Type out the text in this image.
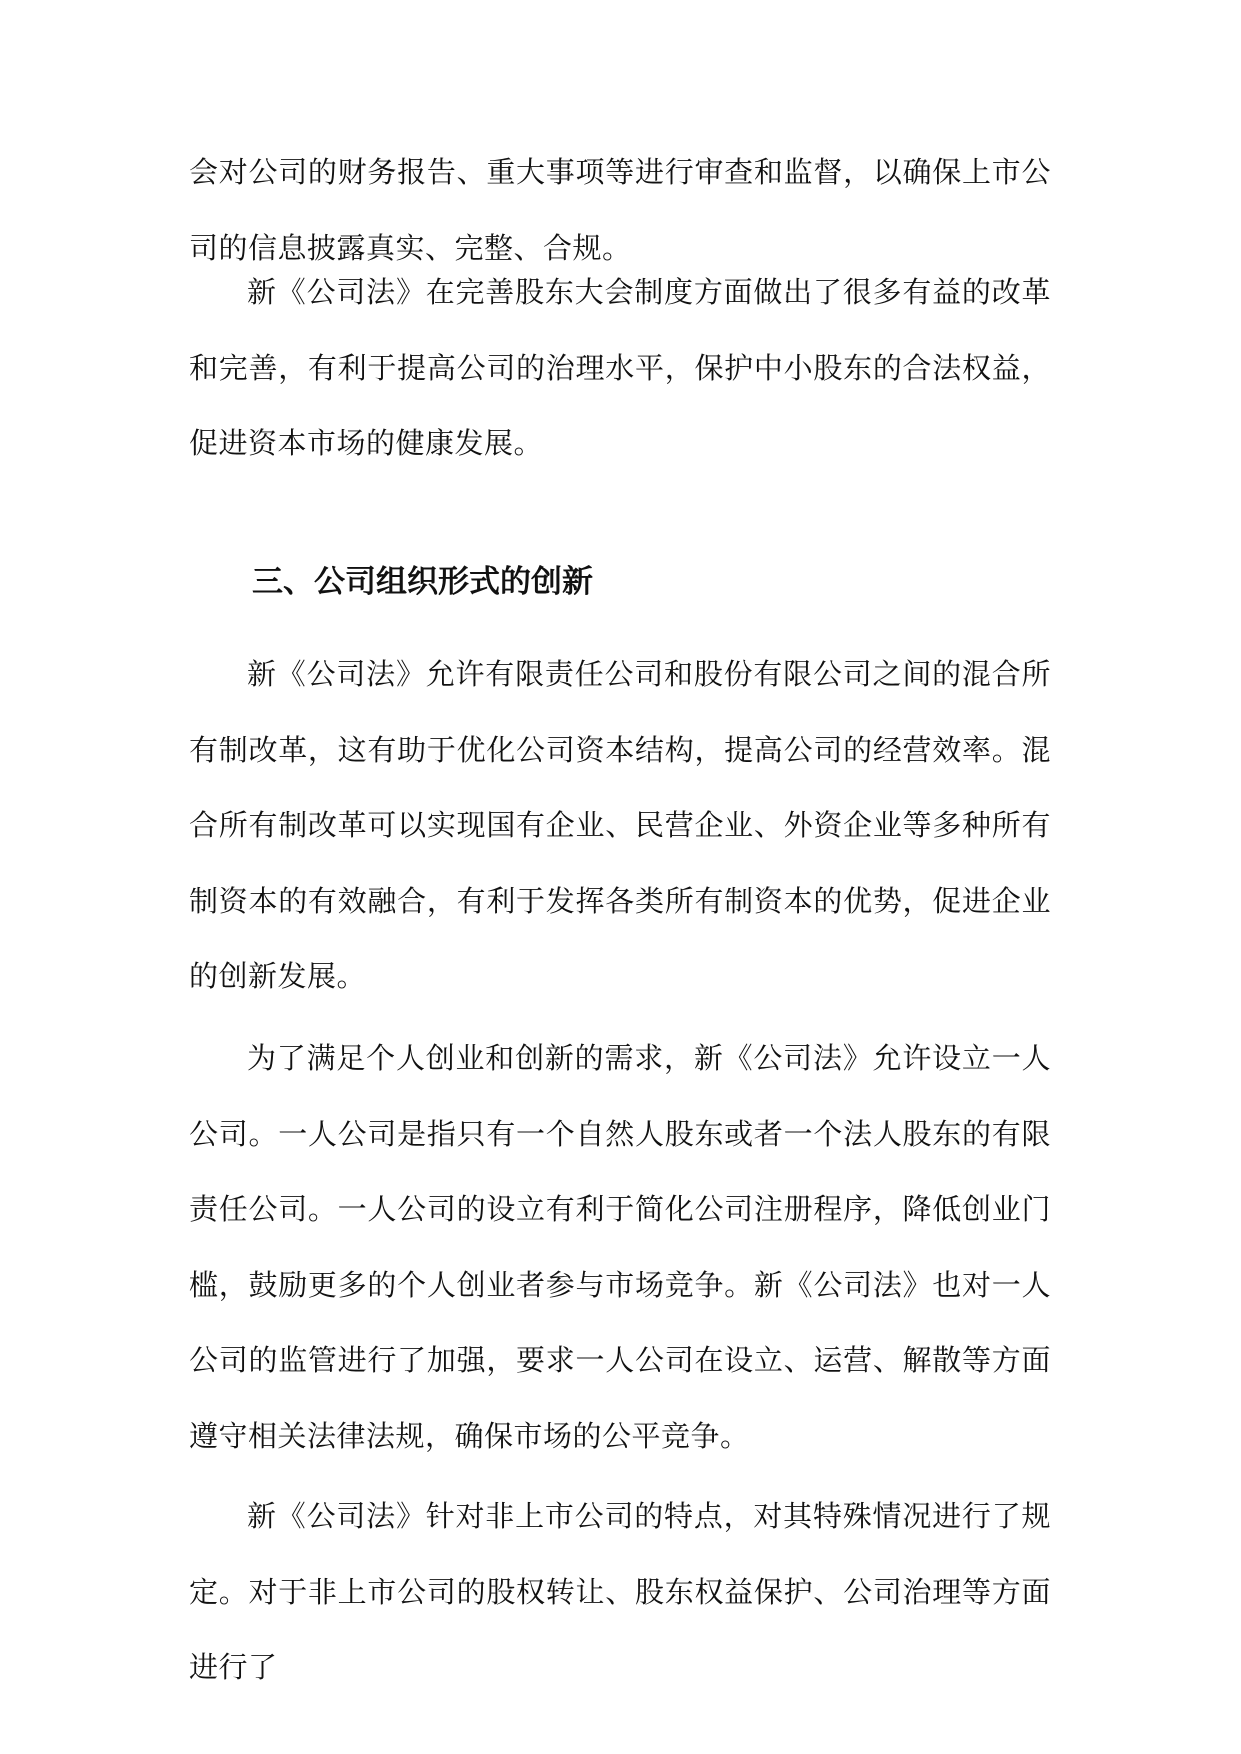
会对公司的财务报告、重大事项等进行审查和监督，以确保上市公司的信息披露真实、完整、合规。

新《公司法》在完善股东大会制度方面做出了很多有益的改革和完善，有利于提高公司的治理水平，保护中小股东的合法权益，促进资本市场的健康发展。

三、公司组织形式的创新

新《公司法》允许有限责任公司和股份有限公司之间的混合所有制改革，这有助于优化公司资本结构，提高公司的经营效率。混合所有制改革可以实现国有企业、民营企业、外资企业等多种所有制资本的有效融合，有利于发挥各类所有制资本的优势，促进企业的创新发展。

为了满足个人创业和创新的需求，新《公司法》允许设立一人公司。一人公司是指只有一个自然人股东或者一个法人股东的有限责任公司。一人公司的设立有利于简化公司注册程序，降低创业门槛，鼓励更多的个人创业者参与市场竞争。新《公司法》也对一人公司的监管进行了加强，要求一人公司在设立、运营、解散等方面遵守相关法律法规，确保市场的公平竞争。

新《公司法》针对非上市公司的特点，对其特殊情况进行了规定。对于非上市公司的股权转让、股东权益保护、公司治理等方面进行了
